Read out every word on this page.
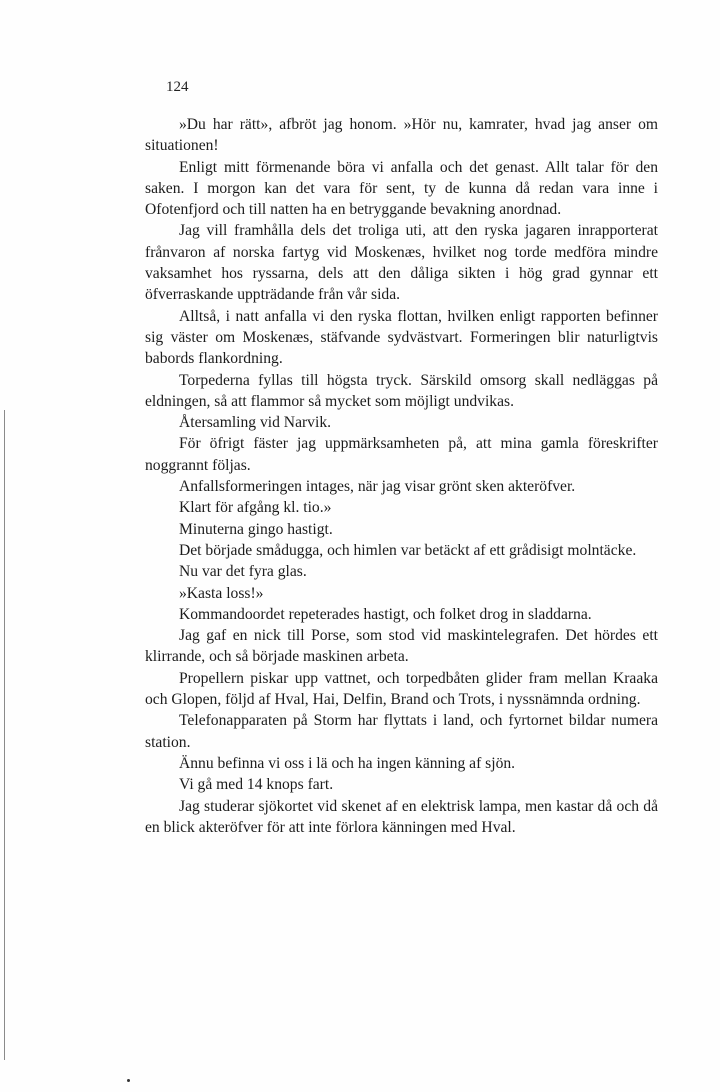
124

»Du har rätt», afbröt jag honom. »Hör nu, kamrater, hvad jag anser om situationen!

Enligt mitt förmenande böra vi anfalla och det genast. Allt talar för den saken. I morgon kan det vara för sent, ty de kunna då redan vara inne i Ofotenfjord och till natten ha en betryggande bevakning anordnad.

Jag vill framhålla dels det troliga uti, att den ryska jagaren inrapporterat frånvaron af norska fartyg vid Moskenæs, hvilket nog torde medföra mindre vaksamhet hos ryssarna, dels att den dåliga sikten i hög grad gynnar ett öfverraskande uppträdande från vår sida.

Alltså, i natt anfalla vi den ryska flottan, hvilken enligt rapporten befinner sig väster om Moskenæs, stäfvande sydvästvart. Formeringen blir naturligtvis babords flankordning.

Torpederna fyllas till högsta tryck. Särskild omsorg skall nedläggas på eldningen, så att flammor så mycket som möjligt undvikas.

Återsamling vid Narvik.

För öfrigt fäster jag uppmärksamheten på, att mina gamla föreskrifter noggrannt följas.

Anfallsformeringen intages, när jag visar grönt sken akteröfver.

Klart för afgång kl. tio.»

Minuterna gingo hastigt.

Det började smådugga, och himlen var betäckt af ett grådisigt molntäcke.

Nu var det fyra glas.

»Kasta loss!»

Kommandoordet repeterades hastigt, och folket drog in sladdarna.

Jag gaf en nick till Porse, som stod vid maskintelegrafen. Det hördes ett klirrande, och så började maskinen arbeta.

Propellern piskar upp vattnet, och torpedbåten glider fram mellan Kraaka och Glopen, följd af Hval, Hai, Delfin, Brand och Trots, i nyssnämnda ordning.

Telefonapparaten på Storm har flyttats i land, och fyrtornet bildar numera station.

Ännu befinna vi oss i lä och ha ingen känning af sjön.

Vi gå med 14 knops fart.

Jag studerar sjökortet vid skenet af en elektrisk lampa, men kastar då och då en blick akteröfver för att inte förlora känningen med Hval.
